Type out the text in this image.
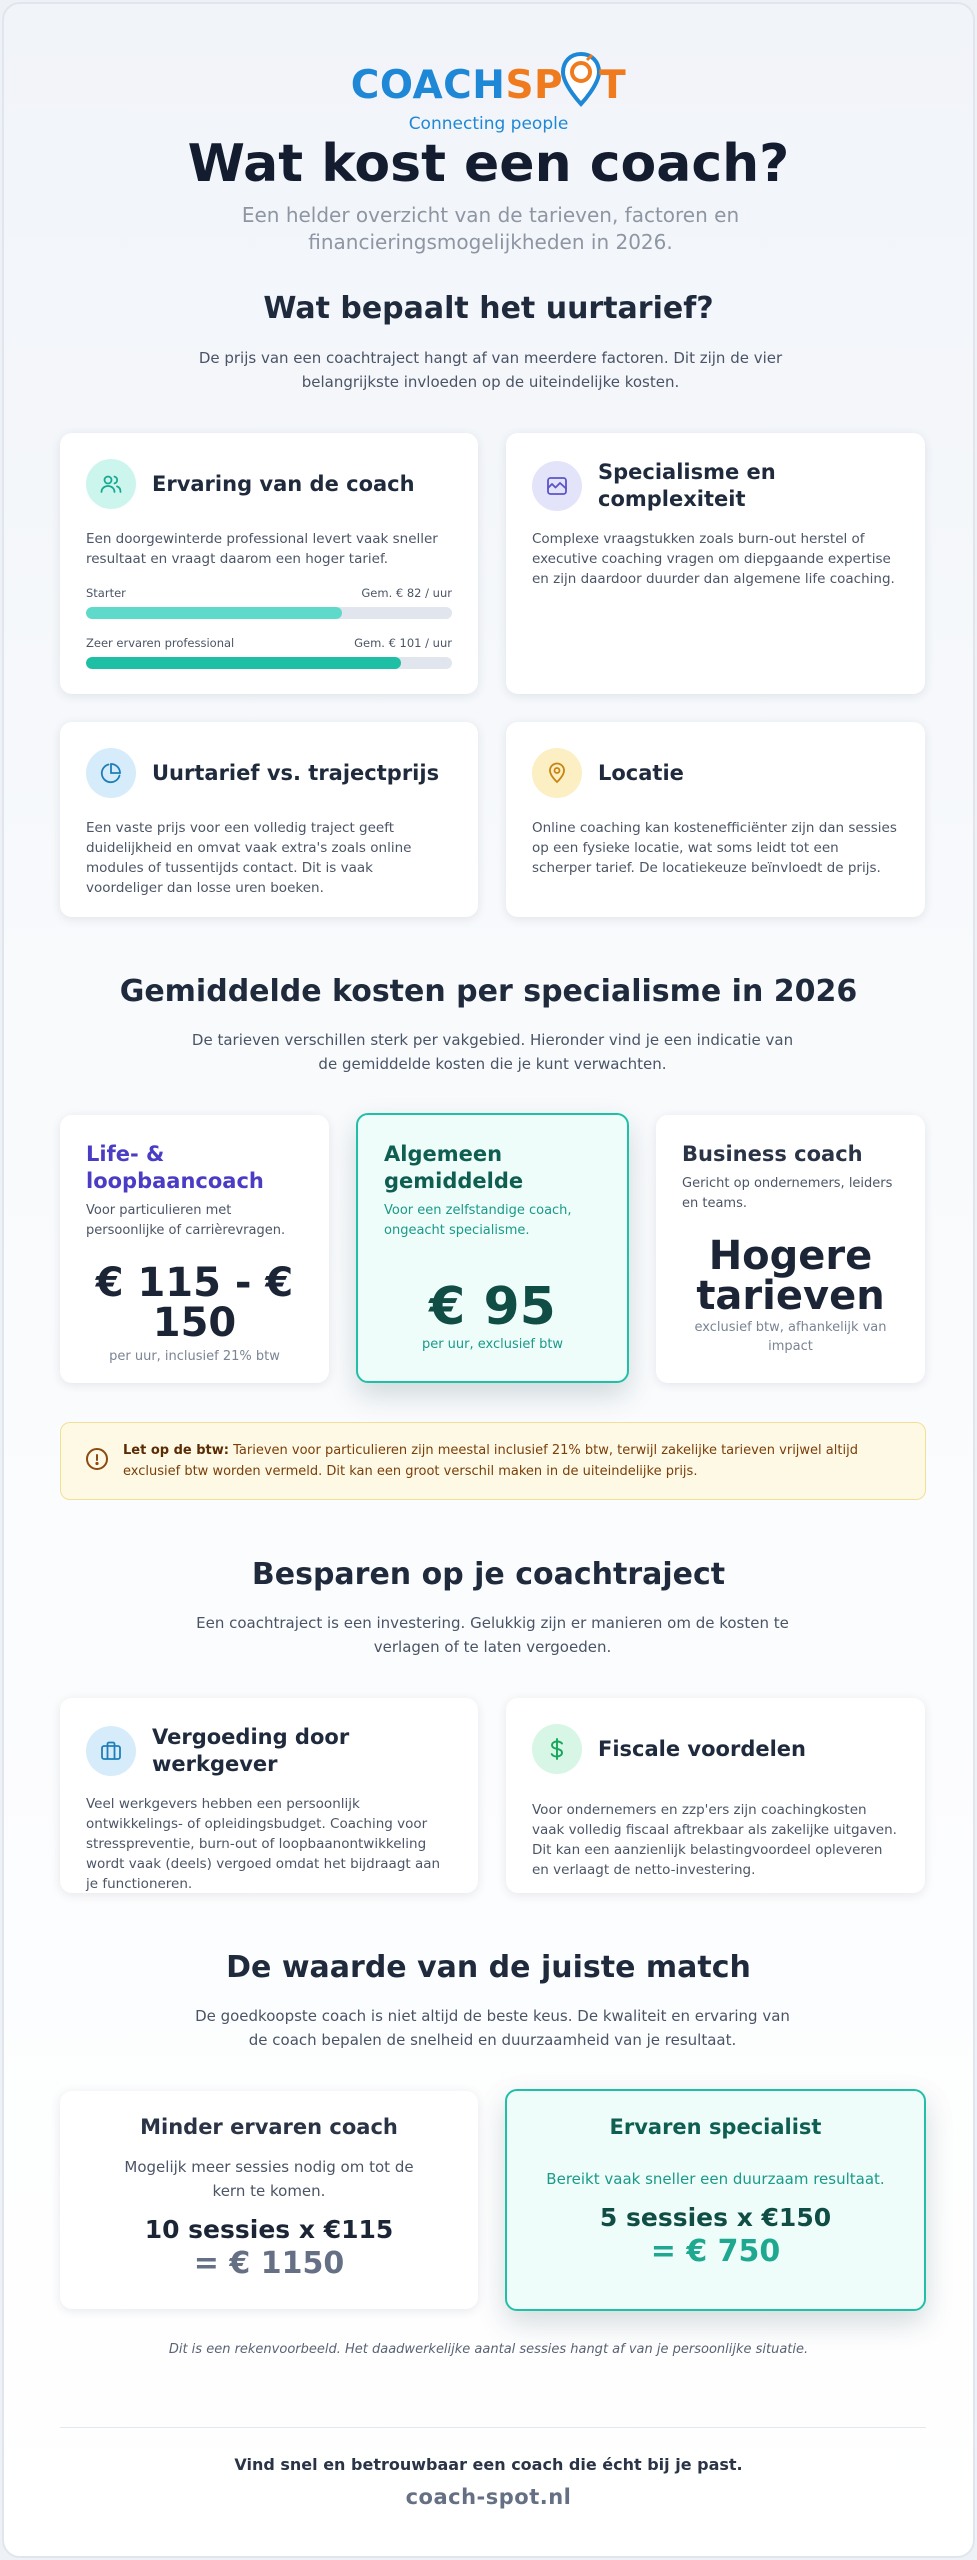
COACHSP T
Connecting people
Wat kost een coach?
Een helder overzicht van de tarieven, factoren en financieringsmogelijkheden in 2026.
Wat bepaalt het uurtarief?
De prijs van een coachtraject hangt af van meerdere factoren. Dit zijn de vier belangrijkste invloeden op de uiteindelijke kosten.
Ervaring van de coach
Een doorgewinterde professional levert vaak sneller resultaat en vraagt daarom een hoger tarief.
Starter	Gem. € 82 / uur
Zeer ervaren professional	Gem. € 101 / uur
Specialisme en complexiteit
Complexe vraagstukken zoals burn-out herstel of executive coaching vragen om diepgaande expertise en zijn daardoor duurder dan algemene life coaching.
Uurtarief vs. trajectprijs
Een vaste prijs voor een volledig traject geeft duidelijkheid en omvat vaak extra's zoals online modules of tussentijds contact. Dit is vaak voordeliger dan losse uren boeken.
Locatie
Online coaching kan kostenefficiënter zijn dan sessies op een fysieke locatie, wat soms leidt tot een scherper tarief. De locatiekeuze beïnvloedt de prijs.
Gemiddelde kosten per specialisme in 2026
De tarieven verschillen sterk per vakgebied. Hieronder vind je een indicatie van de gemiddelde kosten die je kunt verwachten.
Life- & loopbaancoach
Voor particulieren met persoonlijke of carrièrevragen.
€ 115 - € 150
per uur, inclusief 21% btw
Algemeen gemiddelde
Voor een zelfstandige coach, ongeacht specialisme.
€ 95
per uur, exclusief btw
Business coach
Gericht op ondernemers, leiders en teams.
Hogere tarieven
exclusief btw, afhankelijk van impact
Let op de btw: Tarieven voor particulieren zijn meestal inclusief 21% btw, terwijl zakelijke tarieven vrijwel altijd exclusief btw worden vermeld. Dit kan een groot verschil maken in de uiteindelijke prijs.
Besparen op je coachtraject
Een coachtraject is een investering. Gelukkig zijn er manieren om de kosten te verlagen of te laten vergoeden.
Vergoeding door werkgever
Veel werkgevers hebben een persoonlijk ontwikkelings- of opleidingsbudget. Coaching voor stresspreventie, burn-out of loopbaanontwikkeling wordt vaak (deels) vergoed omdat het bijdraagt aan je functioneren.
Fiscale voordelen
Voor ondernemers en zzp'ers zijn coachingkosten vaak volledig fiscaal aftrekbaar als zakelijke uitgaven. Dit kan een aanzienlijk belastingvoordeel opleveren en verlaagt de netto-investering.
De waarde van de juiste match
De goedkoopste coach is niet altijd de beste keus. De kwaliteit en ervaring van de coach bepalen de snelheid en duurzaamheid van je resultaat.
Minder ervaren coach
Mogelijk meer sessies nodig om tot de kern te komen.
10 sessies x €115
= € 1150
Ervaren specialist
Bereikt vaak sneller een duurzaam resultaat.
5 sessies x €150
= € 750
Dit is een rekenvoorbeeld. Het daadwerkelijke aantal sessies hangt af van je persoonlijke situatie.
Vind snel en betrouwbaar een coach die écht bij je past.
coach-spot.nl
